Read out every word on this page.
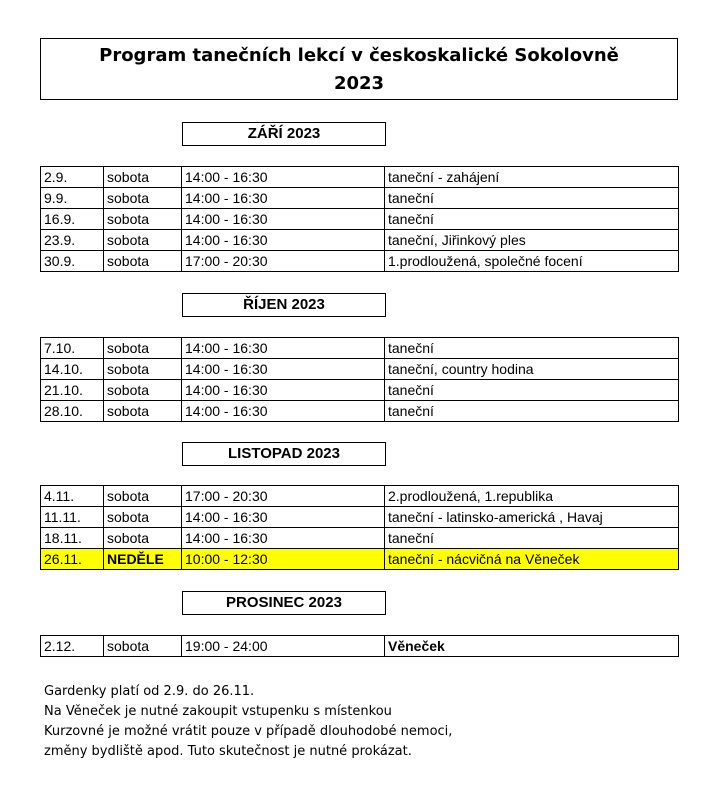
Program tanečních lekcí v českoskalické Sokolovně
2023
ZÁŘÍ 2023
2.9.	sobota	14:00 - 16:30	taneční - zahájení
9.9.	sobota	14:00 - 16:30	taneční
16.9.	sobota	14:00 - 16:30	taneční
23.9.	sobota	14:00 - 16:30	taneční, Jiřinkový ples
30.9.	sobota	17:00 - 20:30	1.prodloužená, společné focení
ŘÍJEN 2023
7.10.	sobota	14:00 - 16:30	taneční
14.10.	sobota	14:00 - 16:30	taneční, country hodina
21.10.	sobota	14:00 - 16:30	taneční
28.10.	sobota	14:00 - 16:30	taneční
LISTOPAD 2023
4.11.	sobota	17:00 - 20:30	2.prodloužená, 1.republika
11.11.	sobota	14:00 - 16:30	taneční - latinsko-americká , Havaj
18.11.	sobota	14:00 - 16:30	taneční
26.11.	NEDĚLE	10:00 - 12:30	taneční - nácvičná na Věneček
PROSINEC 2023
2.12.	sobota	19:00 - 24:00	Věneček
Gardenky platí od 2.9. do 26.11.
Na Věneček je nutné zakoupit vstupenku s místenkou
Kurzovné je možné vrátit pouze v případě dlouhodobé nemoci,
změny bydliště apod. Tuto skutečnost je nutné prokázat.
